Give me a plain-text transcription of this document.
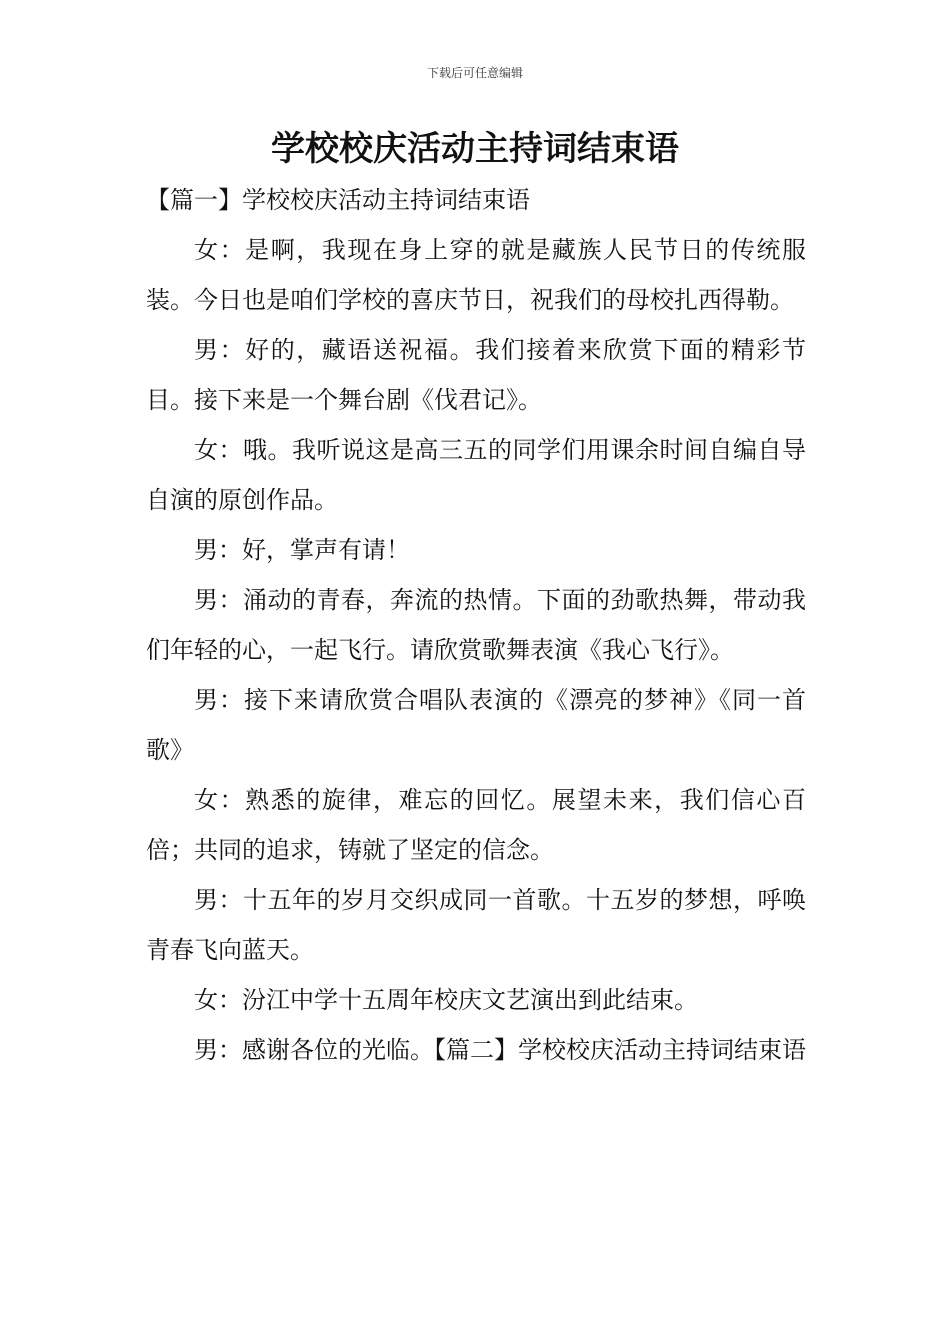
下载后可任意编辑
学校校庆活动主持词结束语

【篇一】学校校庆活动主持词结束语

女：是啊，我现在身上穿的就是藏族人民节日的传统服装。今日也是咱们学校的喜庆节日，祝我们的母校扎西得勒。

男：好的，藏语送祝福。我们接着来欣赏下面的精彩节目。接下来是一个舞台剧《伐君记》。

女：哦。我听说这是高三五的同学们用课余时间自编自导自演的原创作品。

男：好，掌声有请！

男：涌动的青春，奔流的热情。下面的劲歌热舞，带动我们年轻的心，一起飞行。请欣赏歌舞表演《我心飞行》。

男：接下来请欣赏合唱队表演的《漂亮的梦神》《同一首歌》

女：熟悉的旋律，难忘的回忆。展望未来，我们信心百倍；共同的追求，铸就了坚定的信念。

男：十五年的岁月交织成同一首歌。十五岁的梦想，呼唤青春飞向蓝天。

女：汾江中学十五周年校庆文艺演出到此结束。

男：感谢各位的光临。【篇二】学校校庆活动主持词结束语
